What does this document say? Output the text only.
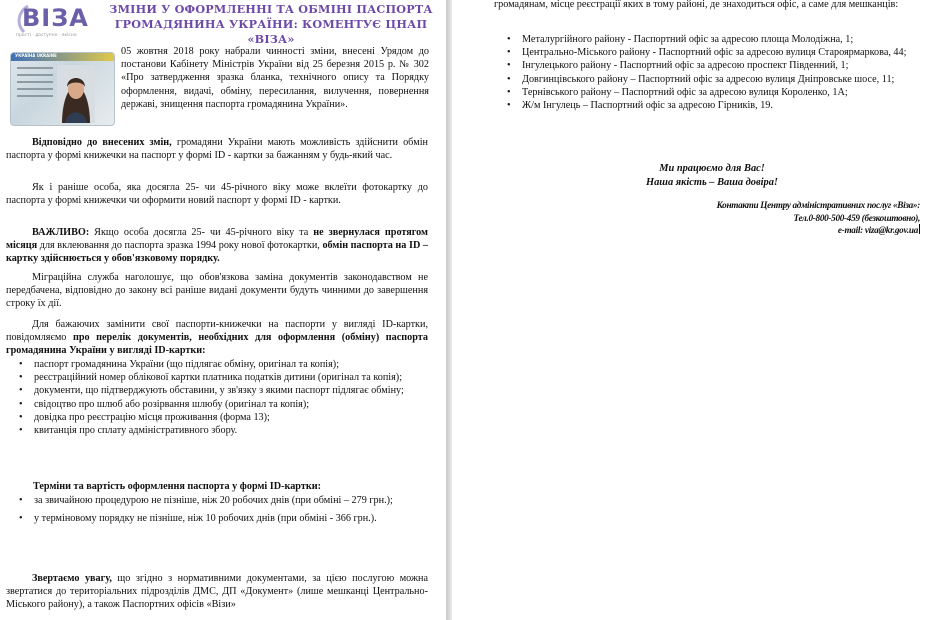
ВІЗА
прості · доступно · якісно
ЗМІНИ У ОФОРМЛЕННІ ТА ОБМІНІ ПАСПОРТА
ГРОМАДЯНИНА УКРАЇНИ: КОМЕНТУЄ ЦНАП «ВІЗА»
УКРАЇНА UKRAINE	05 жовтня 2018 року набрали чинності зміни, внесені Урядом до постанови Кабінету Міністрів України від 25 березня 2015 р. № 302 «Про затвердження зразка бланка, технічного опису та Порядку оформлення, видачі, обміну, пересилання, вилучення, повернення державі, знищення паспорта громадянина України».
Відповідно до внесених змін, громадяни України мають можливість здійснити обмін паспорта у формі книжечки на паспорт у формі ID - картки за бажанням у будь-який час.
Як і раніше особа, яка досягла 25- чи 45-річного віку може вклеїти фотокартку до паспорта у формі книжечки чи оформити новий паспорт у формі ID - картки.
ВАЖЛИВО: Якщо особа досягла 25- чи 45-річного віку та не звернулася протягом місяця для вклеювання до паспорта зразка 1994 року нової фотокартки, обмін паспорта на ID – картку здійснюється у обов'язковому порядку.
Міграційна служба наголошує, що обов'язкова заміна документів законодавством не передбачена, відповідно до закону всі раніше видані документи будуть чинними до завершення строку їх дії.
Для бажаючих замінити свої паспорти-книжечки на паспорти у вигляді ID-картки, повідомляємо про перелік документів, необхідних для оформлення (обміну) паспорта громадянина України у вигляді ID-картки:
• паспорт громадянина України (що підлягає обміну, оригінал та копія);
• реєстраційний номер облікової картки платника податків дитини (оригінал та копія);
• документи, що підтверджують обставини, у зв'язку з якими паспорт підлягає обміну;
• свідоцтво про шлюб або розірвання шлюбу (оригінал та копія);
• довідка про реєстрацію місця проживання (форма 13);
• квитанція про сплату адміністративного збору.
Терміни та вартість оформлення паспорта у формі ID-картки:
• за звичайною процедурою не пізніше, ніж 20 робочих днів (при обміні – 279 грн.);
• у терміновому порядку не пізніше, ніж 10 робочих днів (при обміні - 366 грн.).
Звертаємо увагу, що згідно з нормативними документами, за цією послугою можна звертатися до територіальних підрозділів ДМС, ДП «Документ» (лише мешканці Центрально-Міського району), а також Паспортних офісів «Візи»
громадянам, місце реєстрації яких в тому районі, де знаходиться офіс, а саме для мешканців:
• Металургійного району - Паспортний офіс за адресою площа Молодіжна, 1;
• Центрально-Міського району - Паспортний офіс за адресою вулиця Староярмаркова, 44;
• Інгулецького району - Паспортний офіс за адресою проспект Південний, 1;
• Довгинцівського району – Паспортний офіс за адресою вулиця Дніпровське шосе, 11;
• Тернівського району – Паспортний офіс за адресою вулиця Короленко, 1А;
• Ж/м Інгулець – Паспортний офіс за адресою Гірників, 19.
Ми працюємо для Вас!
Наша якість – Ваша довіра!
Контакти Центру адміністративних послуг «Віза»:
Тел.0-800-500-459 (безкоштовно),
e-mail: viza@kr.gov.ua
